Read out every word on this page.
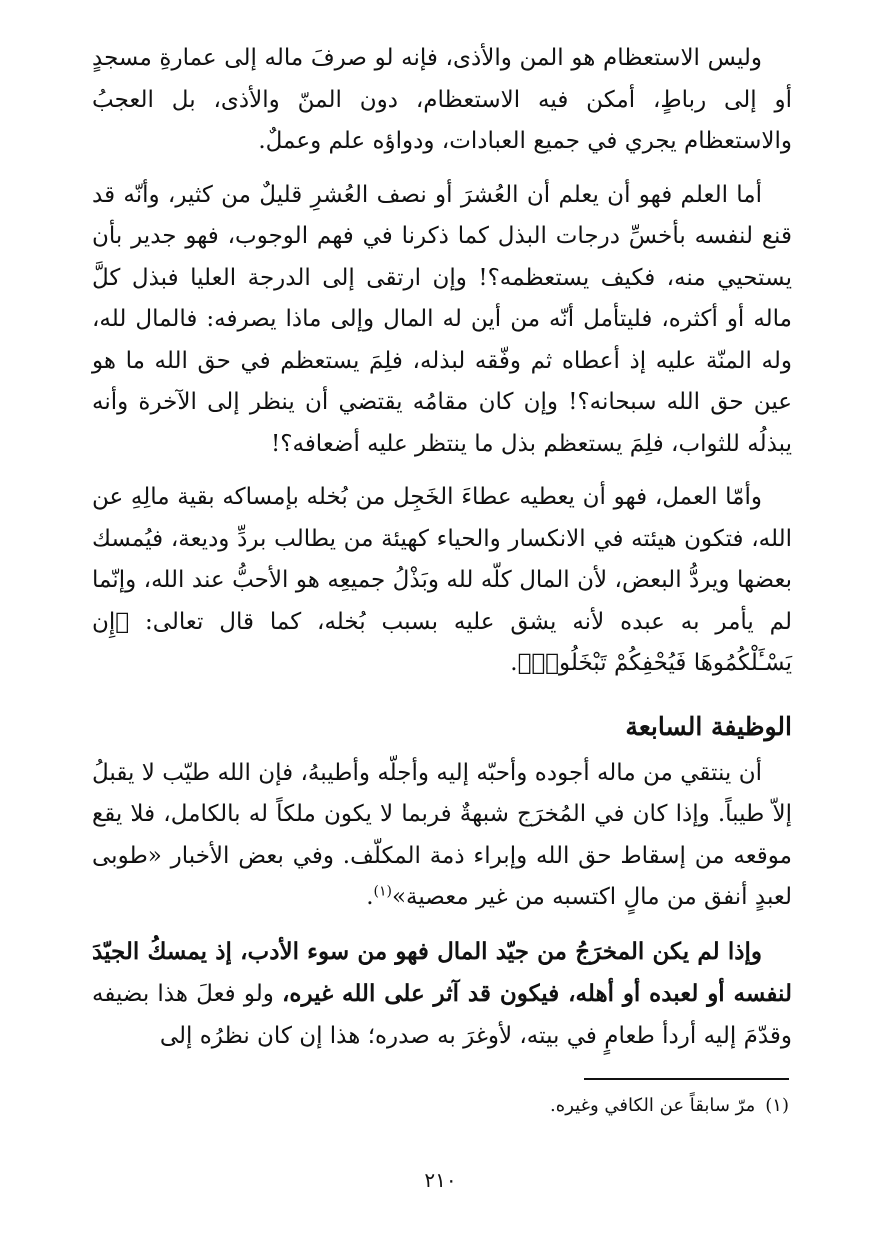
وليس الاستعظام هو المن والأذى، فإنه لو صرفَ ماله إلى عمارةِ مسجدٍ أو إلى رباطٍ، أمكن فيه الاستعظام، دون المنّ والأذى، بل العجبُ والاستعظام يجري في جميع العبادات، ودواؤه علم وعملٌ.

أما العلم فهو أن يعلم أن العُشرَ أو نصف العُشرِ قليلٌ من كثير، وأنّه قد قنع لنفسه بأخسِّ درجات البذل كما ذكرنا في فهم الوجوب، فهو جدير بأن يستحيي منه، فكيف يستعظمه؟! وإن ارتقى إلى الدرجة العليا فبذل كلَّ ماله أو أكثره، فليتأمل أنّه من أين له المال وإلى ماذا يصرفه: فالمال لله، وله المنّة عليه إذ أعطاه ثم وفّقه لبذله، فلِمَ يستعظم في حق الله ما هو عين حق الله سبحانه؟! وإن كان مقامُه يقتضي أن ينظر إلى الآخرة وأنه يبذلُه للثواب، فلِمَ يستعظم بذل ما ينتظر عليه أضعافه؟!

وأمّا العمل، فهو أن يعطيه عطاءَ الخَجِل من بُخله بإمساكه بقية مالِهِ عن الله، فتكون هيئته في الانكسار والحياء كهيئة من يطالب بردِّ وديعة، فيُمسك بعضها ويردُّ البعض، لأن المال كلّه لله وبَذْلُ جميعِه هو الأحبُّ عند الله، وإنّما لم يأمر به عبده لأنه يشق عليه بسبب بُخله، كما قال تعالى: ﴿إِن يَسْـَٔلْكُمُوهَا فَيُحْفِكُمْ تَبْخَلُوا۟﴾.

الوظيفة السابعة

أن ينتقي من ماله أجوده وأحبّه إليه وأجلّه وأطيبهُ، فإن الله طيّب لا يقبلُ إلاّ طيباً. وإذا كان في المُخرَج شبهةٌ فربما لا يكون ملكاً له بالكامل، فلا يقع موقعه من إسقاط حق الله وإبراء ذمة المكلّف. وفي بعض الأخبار «طوبى لعبدٍ أنفق من مالٍ اكتسبه من غير معصية»$^{(١)}$.

وإذا لم يكن المخرَجُ من جيّد المال فهو من سوء الأدب، إذ يمسكُ الجيّدَ لنفسه أو لعبده أو أهله، فيكون قد آثر على الله غيره، ولو فعلَ هذا بضيفه وقدّمَ إليه أردأ طعامٍ في بيته، لأوغرَ به صدره؛ هذا إن كان نظرُه إلى

(١)مرّ سابقاً عن الكافي وغيره.
٢١٠
